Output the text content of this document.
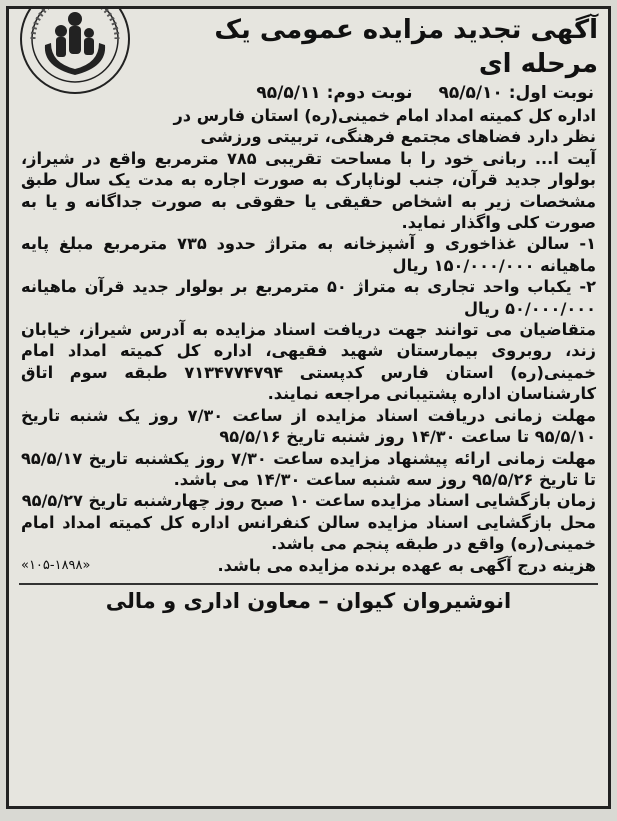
آگهی تجدید مزایده عمومی یک مرحله ای
نوبت اول: ۹۵/۵/۱۰
نوبت دوم: ۹۵/۵/۱۱

اداره کل کمیته امداد امام خمینی(ره) استان فارس در

نظر دارد فضاهای مجتمع فرهنگی، تربیتی ورزشی

آیت ا... ربانی خود را با مساحت تقریبی ۷۸۵ مترمربع واقع در شیراز، بولوار جدید قرآن، جنب لوناپارک به صورت اجاره به مدت یک سال طبق مشخصات زیر به اشخاص حقیقی یا حقوقی به صورت جداگانه و یا به صورت کلی واگذار نماید.

۱- سالن غذاخوری و آشپزخانه به متراژ حدود ۷۳۵ مترمربع مبلغ پایه ماهیانه ۱۵۰/۰۰۰/۰۰۰ ریال

۲- یکباب واحد تجاری به متراژ ۵۰ مترمربع بر بولوار جدید قرآن ماهیانه ۵۰/۰۰۰/۰۰۰ ریال

متقاضیان می توانند جهت دریافت اسناد مزایده به آدرس شیراز، خیابان زند، روبروی بیمارستان شهید فقیهی، اداره کل کمیته امداد امام خمینی(ره) استان فارس کدپستی ۷۱۳۴۷۷۴۷۹۴ طبقه سوم اتاق کارشناسان اداره پشتیبانی مراجعه نمایند.

مهلت زمانی دریافت اسناد مزایده از ساعت ۷/۳۰ روز یک شنبه تاریخ ۹۵/۵/۱۰ تا ساعت ۱۴/۳۰ روز شنبه تاریخ ۹۵/۵/۱۶

مهلت زمانی ارائه پیشنهاد مزایده ساعت ۷/۳۰ روز یکشنبه تاریخ ۹۵/۵/۱۷ تا تاریخ ۹۵/۵/۲۶ روز سه شنبه ساعت ۱۴/۳۰ می باشد.

زمان بازگشایی اسناد مزایده ساعت ۱۰ صبح روز چهارشنبه تاریخ ۹۵/۵/۲۷

محل بازگشایی اسناد مزایده سالن کنفرانس اداره کل کمیته امداد امام خمینی(ره) واقع در طبقه پنجم می باشد.

هزینه درج آگهی به عهده برنده مزایده می باشد.
«۱۰۵-۱۸۹۸»
انوشیروان کیوان – معاون اداری و مالی
